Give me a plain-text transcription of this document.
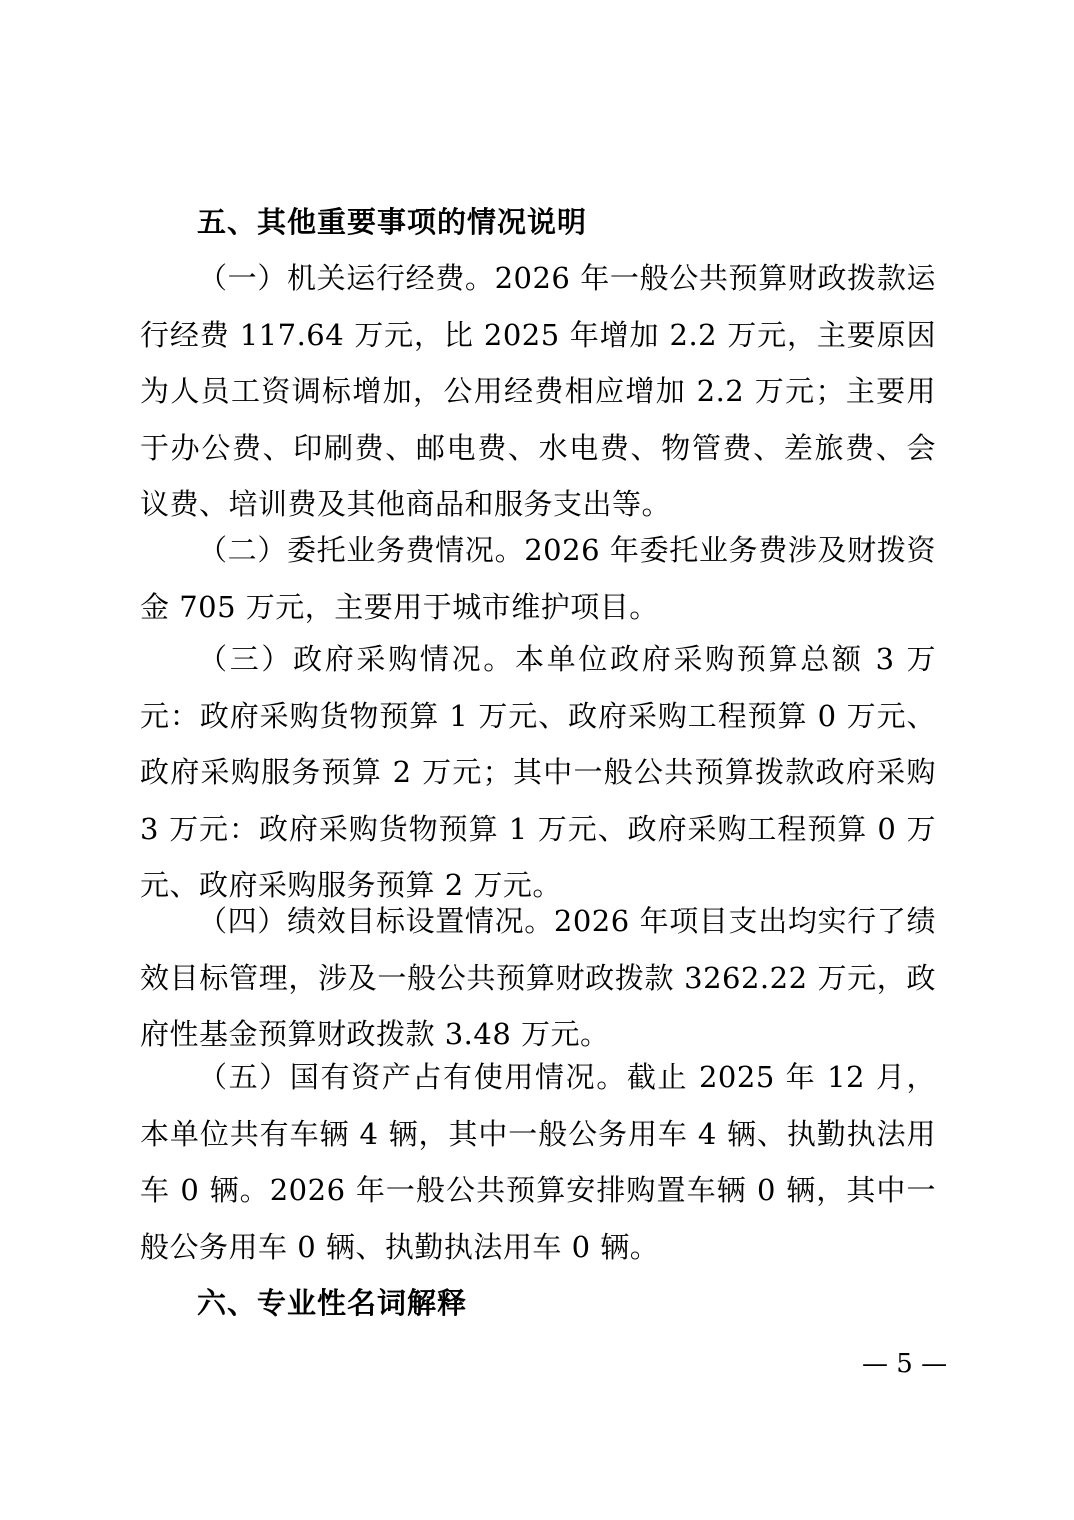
五、其他重要事项的情况说明

（一）机关运行经费。2026 年一般公共预算财政拨款运行经费 117.64 万元，比 2025 年增加 2.2 万元，主要原因为人员工资调标增加，公用经费相应增加 2.2 万元；主要用于办公费、印刷费、邮电费、水电费、物管费、差旅费、会议费、培训费及其他商品和服务支出等。

（二）委托业务费情况。2026 年委托业务费涉及财拨资金 705 万元，主要用于城市维护项目。

（三）政府采购情况。本单位政府采购预算总额 3 万元：政府采购货物预算 1 万元、政府采购工程预算 0 万元、政府采购服务预算 2 万元；其中一般公共预算拨款政府采购 3 万元：政府采购货物预算 1 万元、政府采购工程预算 0 万元、政府采购服务预算 2 万元。

（四）绩效目标设置情况。2026 年项目支出均实行了绩效目标管理，涉及一般公共预算财政拨款 3262.22 万元，政府性基金预算财政拨款 3.48 万元。

（五）国有资产占有使用情况。截止 2025 年 12 月，本单位共有车辆 4 辆，其中一般公务用车 4 辆、执勤执法用车 0 辆。2026 年一般公共预算安排购置车辆 0 辆，其中一般公务用车 0 辆、执勤执法用车 0 辆。

六、专业性名词解释
— 5 —
